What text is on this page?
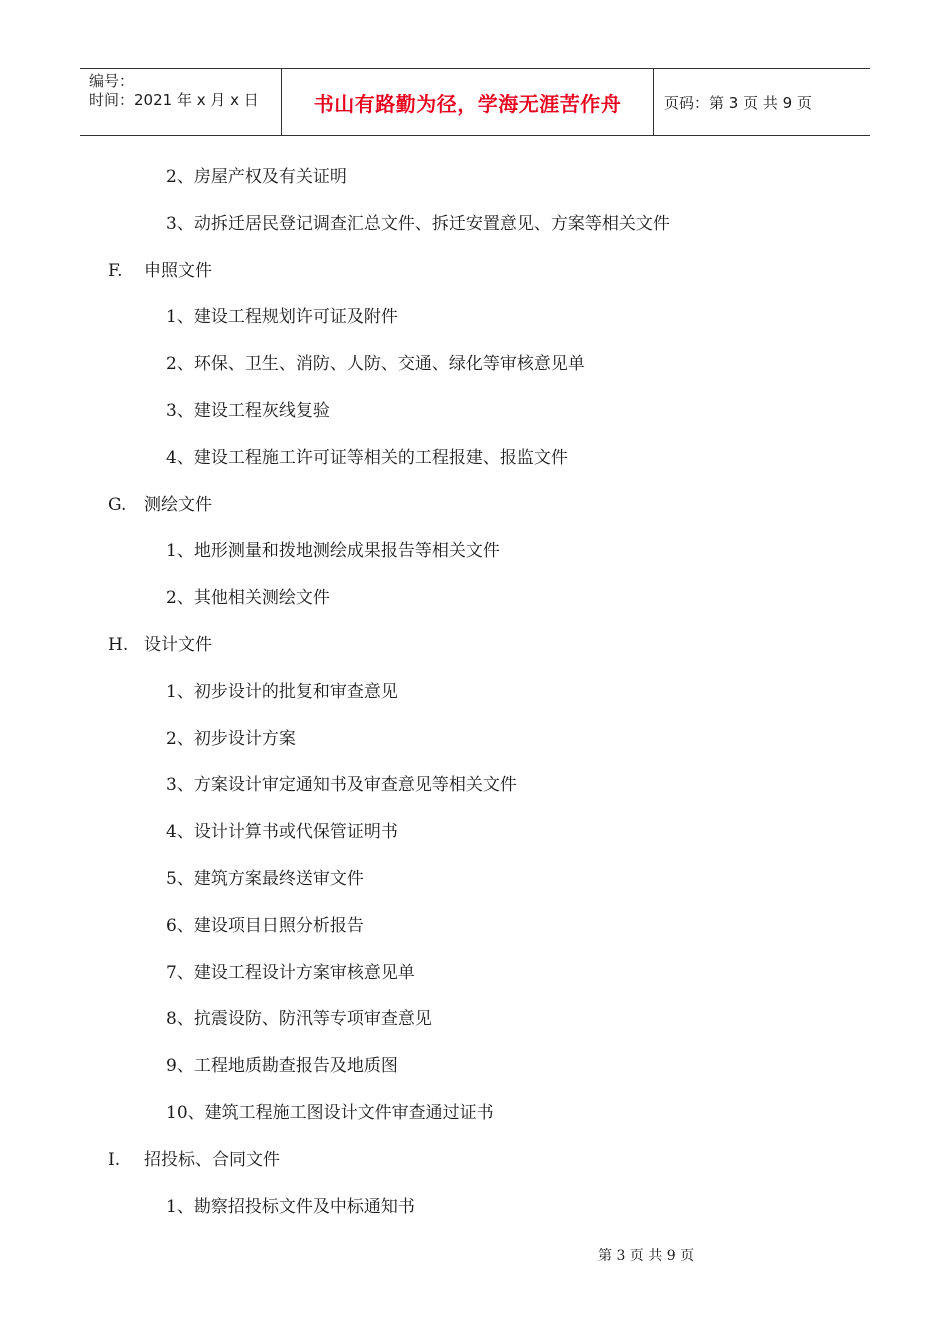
编号：
时间：2021 年 x 月 x 日	书山有路勤为径，学海无涯苦作舟	页码：第 3 页 共 9 页
2、房屋产权及有关证明
3、动拆迁居民登记调查汇总文件、拆迁安置意见、方案等相关文件
F. 申照文件
1、建设工程规划许可证及附件
2、环保、卫生、消防、人防、交通、绿化等审核意见单
3、建设工程灰线复验
4、建设工程施工许可证等相关的工程报建、报监文件
G. 测绘文件
1、地形测量和拨地测绘成果报告等相关文件
2、其他相关测绘文件
H. 设计文件
1、初步设计的批复和审查意见
2、初步设计方案
3、方案设计审定通知书及审查意见等相关文件
4、设计计算书或代保管证明书
5、建筑方案最终送审文件
6、建设项目日照分析报告
7、建设工程设计方案审核意见单
8、抗震设防、防汛等专项审查意见
9、工程地质勘查报告及地质图
10、建筑工程施工图设计文件审查通过证书
I. 招投标、合同文件
1、勘察招投标文件及中标通知书
第 3 页 共 9 页
